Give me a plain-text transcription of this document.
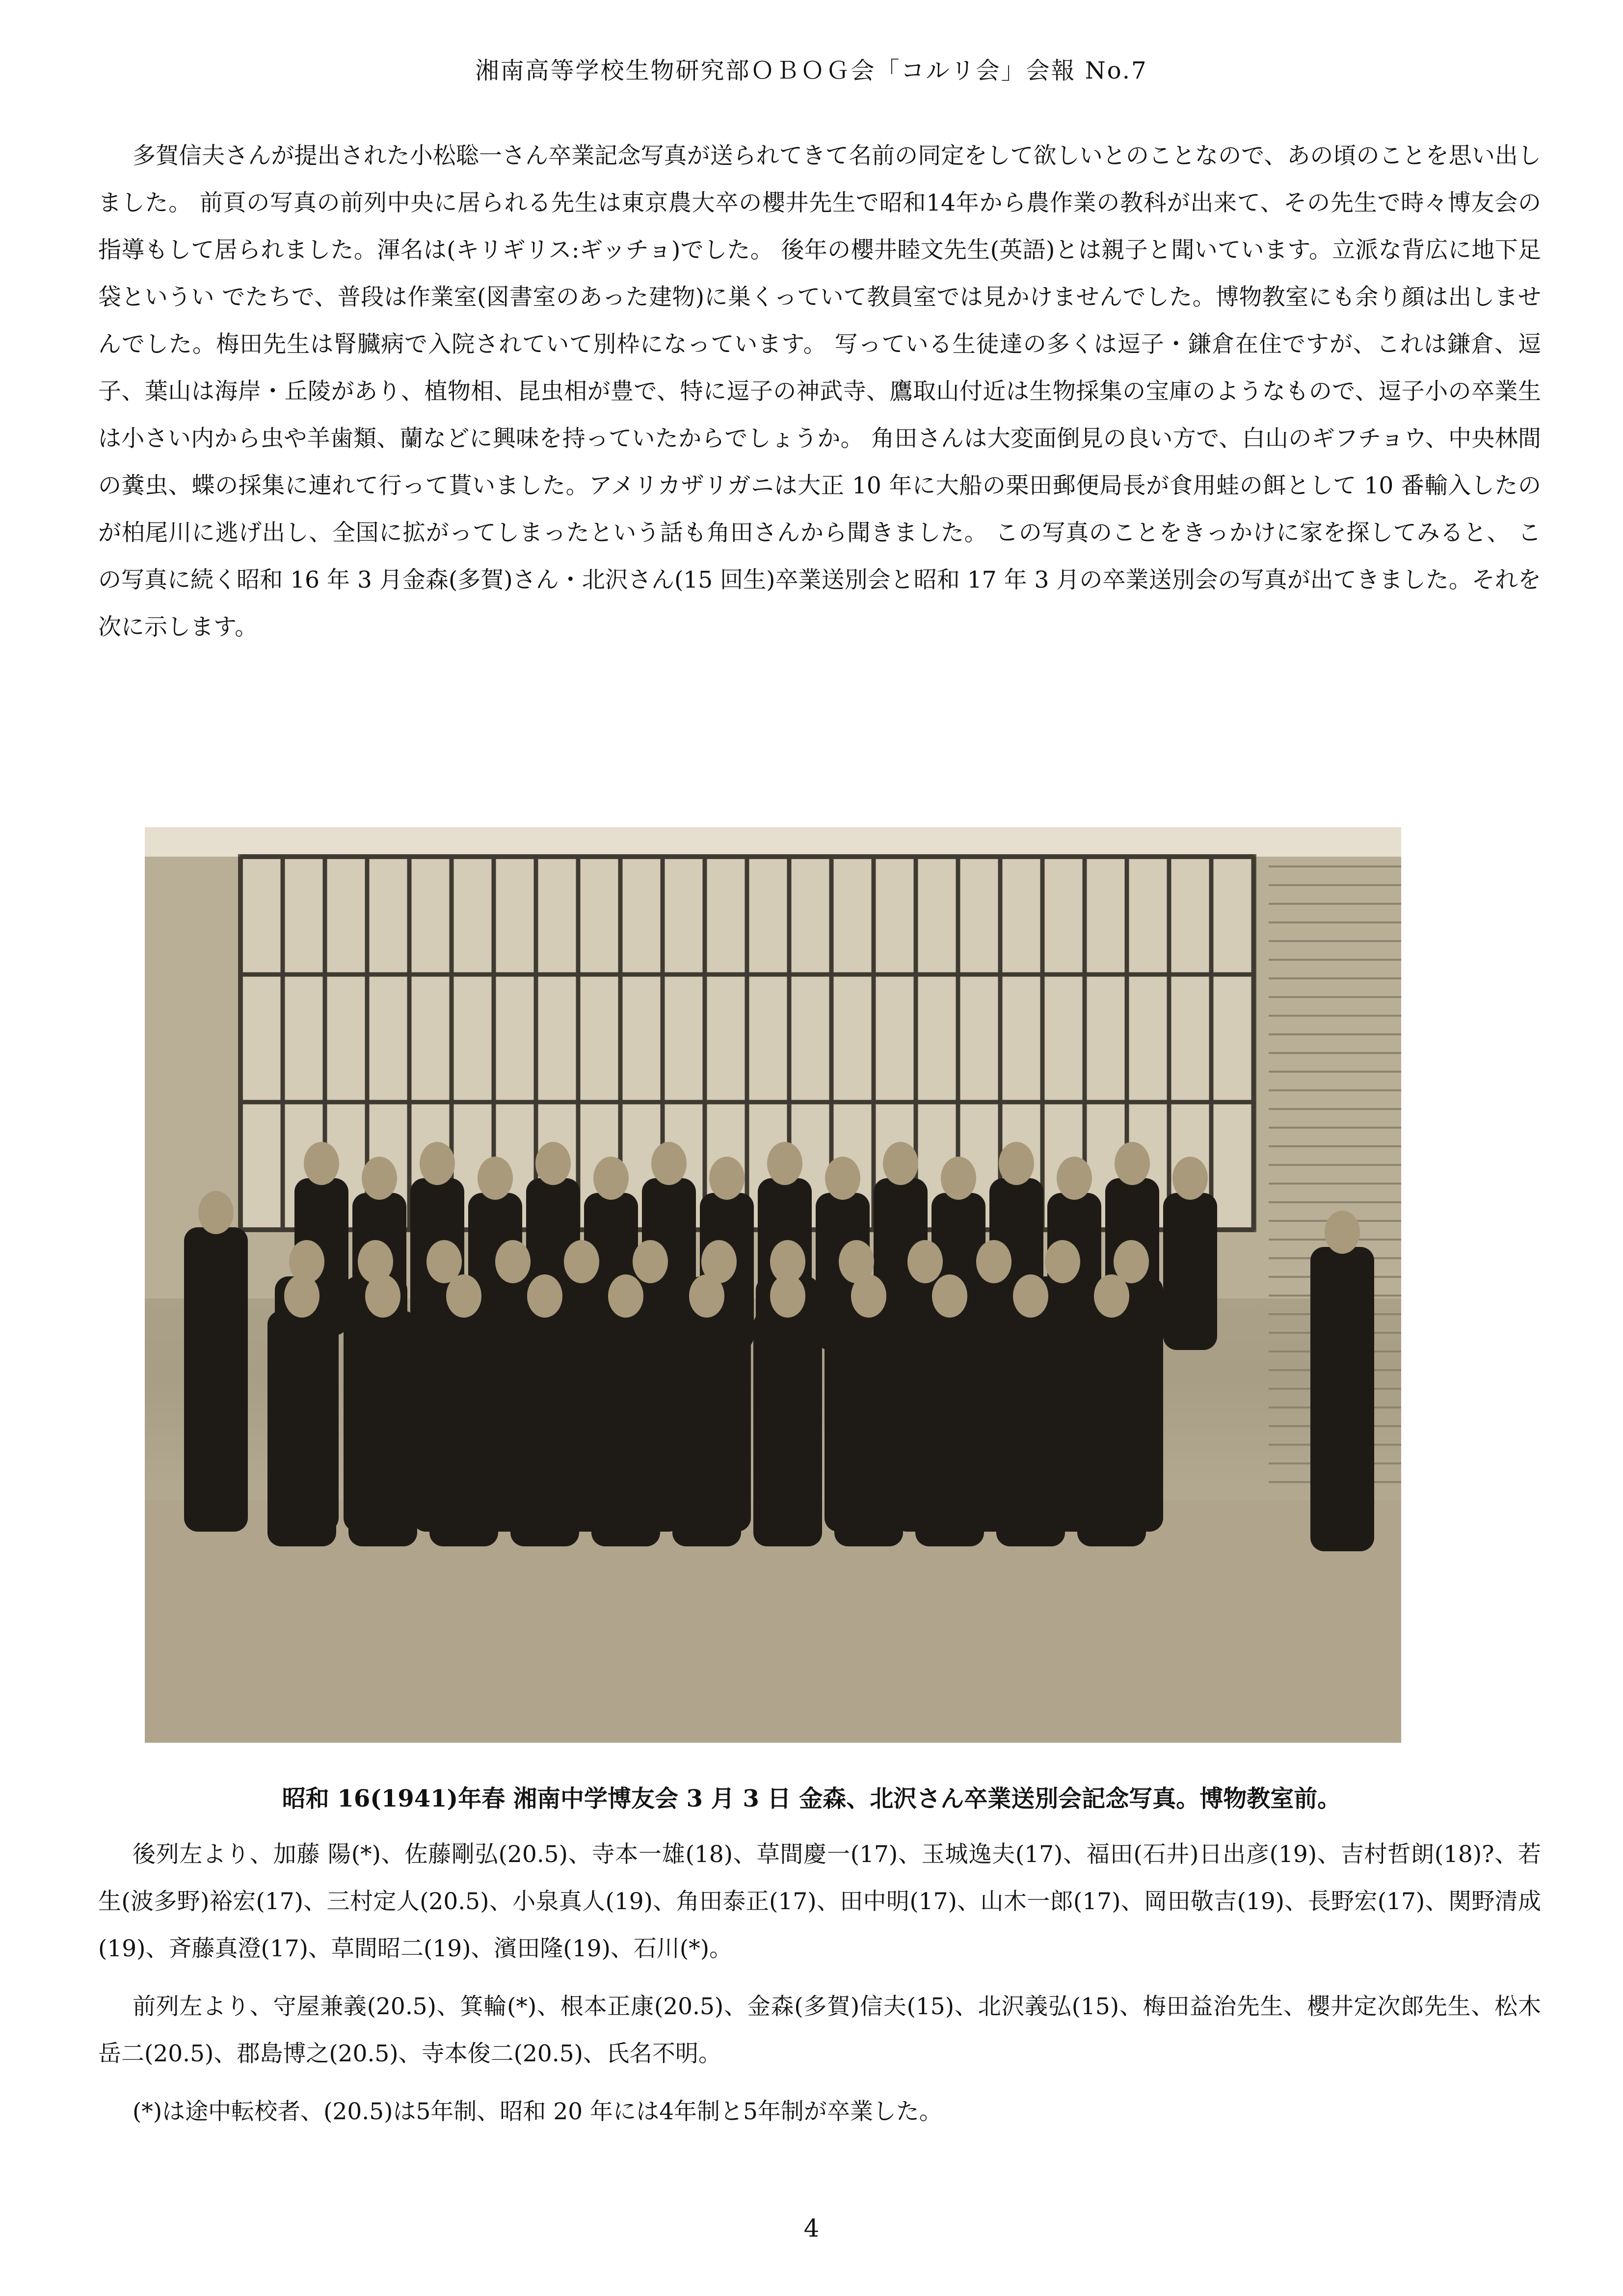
湘南高等学校生物研究部ＯＢＯＧ会「コルリ会」会報 No.7

多賀信夫さんが提出された小松聡一さん卒業記念写真が送られてきて名前の同定をして欲しいとのことなので、あの頃のことを思い出しました。 前頁の写真の前列中央に居られる先生は東京農大卒の櫻井先生で昭和14年から農作業の教科が出来て、その先生で時々博友会の指導もして居られました。渾名は(キリギリス:ギッチョ)でした。 後年の櫻井睦文先生(英語)とは親子と聞いています。立派な背広に地下足袋というい でたちで、普段は作業室(図書室のあった建物)に巣くっていて教員室では見かけませんでした。博物教室にも余り顔は出しませんでした。梅田先生は腎臓病で入院されていて別枠になっています。 写っている生徒達の多くは逗子・鎌倉在住ですが、これは鎌倉、逗子、葉山は海岸・丘陵があり、植物相、昆虫相が豊で、特に逗子の神武寺、鷹取山付近は生物採集の宝庫のようなもので、逗子小の卒業生は小さい内から虫や羊歯類、蘭などに興味を持っていたからでしょうか。 角田さんは大変面倒見の良い方で、白山のギフチョウ、中央林間の糞虫、蝶の採集に連れて行って貰いました。アメリカザリガニは大正 10 年に大船の栗田郵便局長が食用蛙の餌として 10 番輸入したのが柏尾川に逃げ出し、全国に拡がってしまったという話も角田さんから聞きました。 この写真のことをきっかけに家を探してみると、 この写真に続く昭和 16 年 3 月金森(多賀)さん・北沢さん(15 回生)卒業送別会と昭和 17 年 3 月の卒業送別会の写真が出てきました。それを次に示します。

昭和 16(1941)年春 湘南中学博友会 3 月 3 日 金森、北沢さん卒業送別会記念写真。博物教室前。

後列左より、加藤 陽(*)、佐藤剛弘(20.5)、寺本一雄(18)、草間慶一(17)、玉城逸夫(17)、福田(石井)日出彦(19)、吉村哲朗(18)?、若生(波多野)裕宏(17)、三村定人(20.5)、小泉真人(19)、角田泰正(17)、田中明(17)、山木一郎(17)、岡田敬吉(19)、長野宏(17)、関野清成(19)、斉藤真澄(17)、草間昭二(19)、濱田隆(19)、石川(*)。

前列左より、守屋兼義(20.5)、箕輪(*)、根本正康(20.5)、金森(多賀)信夫(15)、北沢義弘(15)、梅田益治先生、櫻井定次郎先生、松木岳二(20.5)、郡島博之(20.5)、寺本俊二(20.5)、氏名不明。

(*)は途中転校者、(20.5)は5年制、昭和 20 年には4年制と5年制が卒業した。

4
